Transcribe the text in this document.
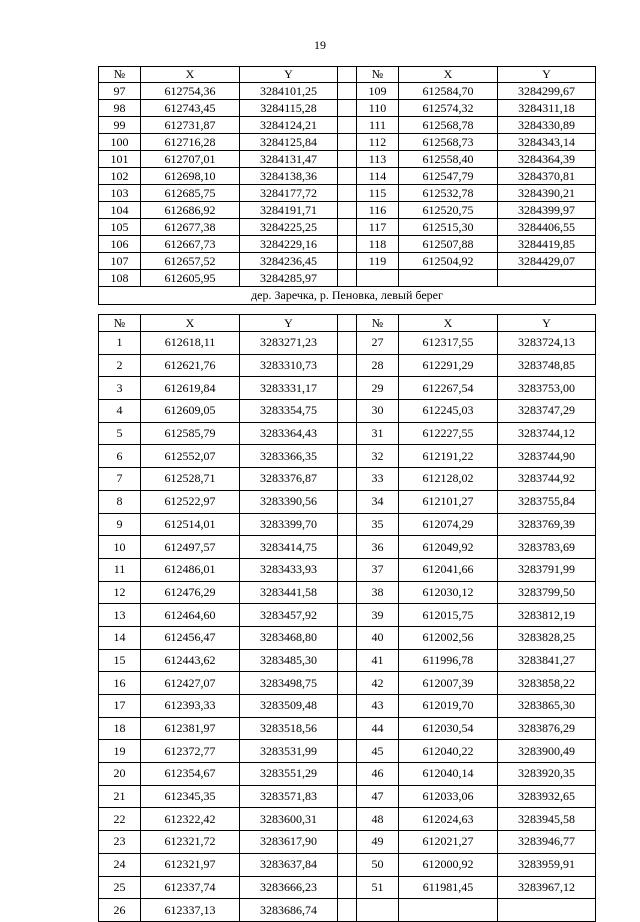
19
№	X	Y		№	X	Y
97	612754,36	3284101,25		109	612584,70	3284299,67
98	612743,45	3284115,28		110	612574,32	3284311,18
99	612731,87	3284124,21		111	612568,78	3284330,89
100	612716,28	3284125,84		112	612568,73	3284343,14
101	612707,01	3284131,47		113	612558,40	3284364,39
102	612698,10	3284138,36		114	612547,79	3284370,81
103	612685,75	3284177,72		115	612532,78	3284390,21
104	612686,92	3284191,71		116	612520,75	3284399,97
105	612677,38	3284225,25		117	612515,30	3284406,55
106	612667,73	3284229,16		118	612507,88	3284419,85
107	612657,52	3284236,45		119	612504,92	3284429,07
108	612605,95	3284285,97				
дер. Заречка, р. Пеновка, левый берег						
№	X	Y		№	X	Y
1	612618,11	3283271,23		27	612317,55	3283724,13
2	612621,76	3283310,73		28	612291,29	3283748,85
3	612619,84	3283331,17		29	612267,54	3283753,00
4	612609,05	3283354,75		30	612245,03	3283747,29
5	612585,79	3283364,43		31	612227,55	3283744,12
6	612552,07	3283366,35		32	612191,22	3283744,90
7	612528,71	3283376,87		33	612128,02	3283744,92
8	612522,97	3283390,56		34	612101,27	3283755,84
9	612514,01	3283399,70		35	612074,29	3283769,39
10	612497,57	3283414,75		36	612049,92	3283783,69
11	612486,01	3283433,93		37	612041,66	3283791,99
12	612476,29	3283441,58		38	612030,12	3283799,50
13	612464,60	3283457,92		39	612015,75	3283812,19
14	612456,47	3283468,80		40	612002,56	3283828,25
15	612443,62	3283485,30		41	611996,78	3283841,27
16	612427,07	3283498,75		42	612007,39	3283858,22
17	612393,33	3283509,48		43	612019,70	3283865,30
18	612381,97	3283518,56		44	612030,54	3283876,29
19	612372,77	3283531,99		45	612040,22	3283900,49
20	612354,67	3283551,29		46	612040,14	3283920,35
21	612345,35	3283571,83		47	612033,06	3283932,65
22	612322,42	3283600,31		48	612024,63	3283945,58
23	612321,72	3283617,90		49	612021,27	3283946,77
24	612321,97	3283637,84		50	612000,92	3283959,91
25	612337,74	3283666,23		51	611981,45	3283967,12
26	612337,13	3283686,74				
